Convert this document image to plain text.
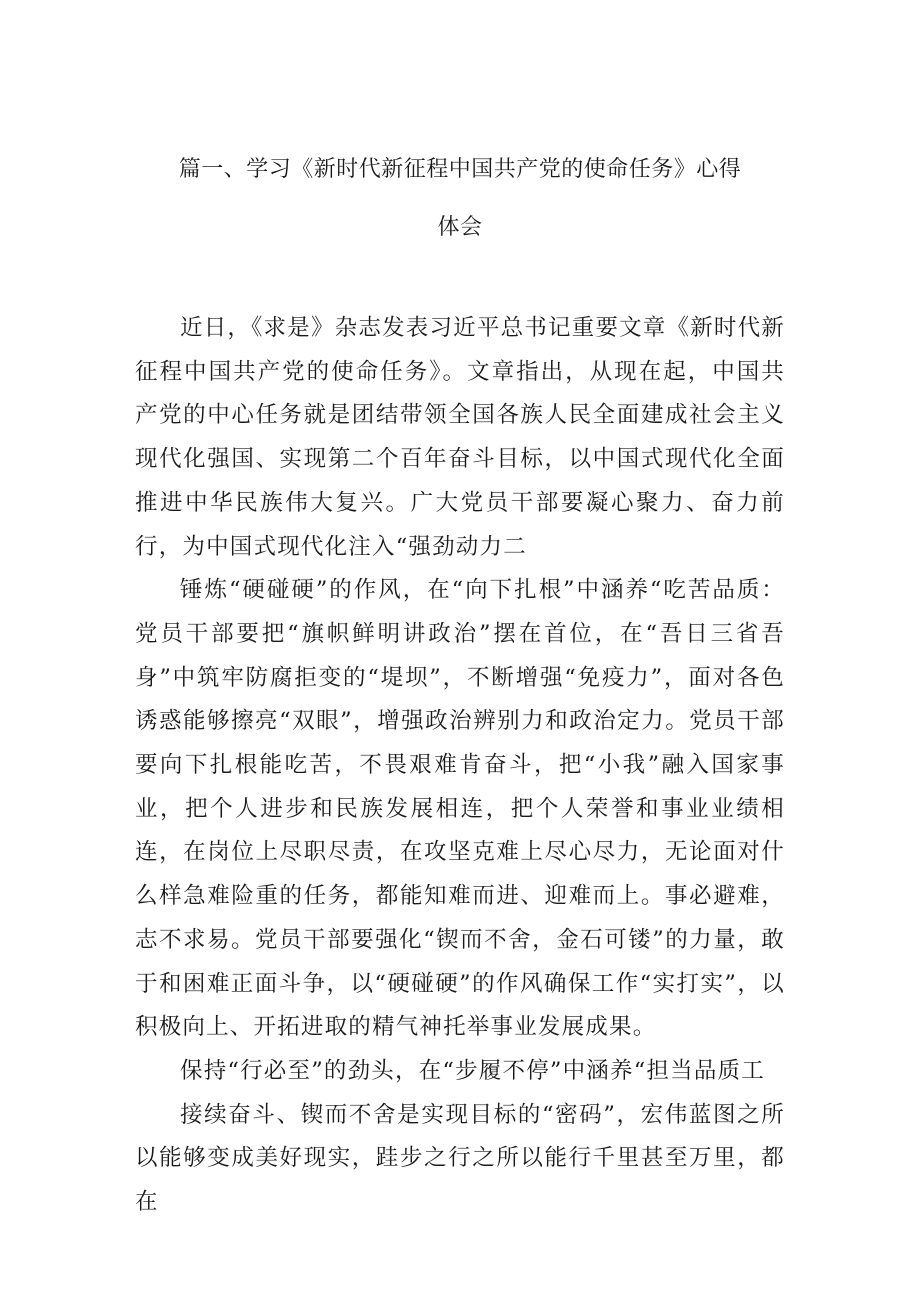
篇一、学习《新时代新征程中国共产党的使命任务》心得
体会

近日，《求是》杂志发表习近平总书记重要文章《新时代新征程中国共产党的使命任务》。文章指出，从现在起，中国共产党的中心任务就是团结带领全国各族人民全面建成社会主义现代化强国、实现第二个百年奋斗目标，以中国式现代化全面推进中华民族伟大复兴。广大党员干部要凝心聚力、奋力前行，为中国式现代化注入“强劲动力二

锤炼“硬碰硬”的作风，在“向下扎根”中涵养“吃苦品质：党员干部要把“旗帜鲜明讲政治”摆在首位，在“吾日三省吾身”中筑牢防腐拒变的“堤坝”，不断增强“免疫力”，面对各色诱惑能够擦亮“双眼”，增强政治辨别力和政治定力。党员干部要向下扎根能吃苦，不畏艰难肯奋斗，把“小我”融入国家事业，把个人进步和民族发展相连，把个人荣誉和事业业绩相连，在岗位上尽职尽责，在攻坚克难上尽心尽力，无论面对什么样急难险重的任务，都能知难而进、迎难而上。事必避难，志不求易。党员干部要强化“锲而不舍，金石可镂”的力量，敢于和困难正面斗争，以“硬碰硬”的作风确保工作“实打实”，以积极向上、开拓进取的精气神托举事业发展成果。

保持“行必至”的劲头，在“步履不停”中涵养“担当品质工

接续奋斗、锲而不舍是实现目标的“密码”，宏伟蓝图之所以能够变成美好现实，跬步之行之所以能行千里甚至万里，都在
